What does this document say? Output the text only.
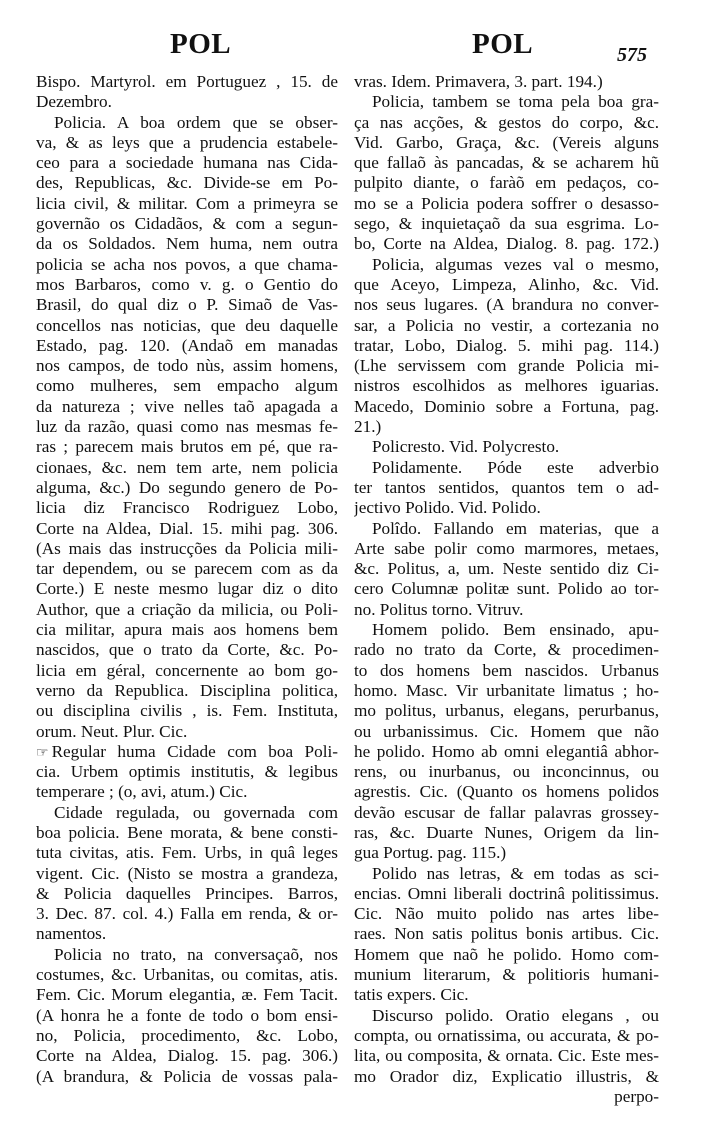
POL	POL	575
Bispo. Martyrol. em Portuguez , 15. de
Dezembro.
Policia. A boa ordem que se obser-
va, & as leys que a prudencia estabele-
ceo para a sociedade humana nas Cida-
des, Republicas, &c. Divide-se em Po-
licia civil, & militar. Com a primeyra se
governão os Cidadãos, & com a segun-
da os Soldados. Nem huma, nem outra
policia se acha nos povos, a que chama-
mos Barbaros, como v. g. o Gentio do
Brasil, do qual diz o P. Simaõ de Vas-
concellos nas noticias, que deu daquelle
Estado, pag. 120. (Andaõ em manadas
nos campos, de todo nùs, assim homens,
como mulheres, sem empacho algum
da natureza ; vive nelles taõ apagada a
luz da razão, quasi como nas mesmas fe-
ras ; parecem mais brutos em pé, que ra-
cionaes, &c. nem tem arte, nem policia
alguma, &c.) Do segundo genero de Po-
licia diz Francisco Rodriguez Lobo,
Corte na Aldea, Dial. 15. mihi pag. 306.
(As mais das instrucções da Policia mili-
tar dependem, ou se parecem com as da
Corte.) E neste mesmo lugar diz o dito
Author, que a criação da milicia, ou Poli-
cia militar, apura mais aos homens bem
nascidos, que o trato da Corte, &c. Po-
licia em géral, concernente ao bom go-
verno da Republica. Disciplina politica,
ou disciplina civilis , is. Fem. Instituta,
orum. Neut. Plur. Cic.
☞ Regular huma Cidade com boa Poli-
cia. Urbem optimis institutis, & legibus
temperare ; (o, avi, atum.) Cic.
Cidade regulada, ou governada com
boa policia. Bene morata, & bene consti-
tuta civitas, atis. Fem. Urbs, in quâ leges
vigent. Cic. (Nisto se mostra a grandeza,
& Policia daquelles Principes. Barros,
3. Dec. 87. col. 4.) Falla em renda, & or-
namentos.
Policia no trato, na conversaçaõ, nos
costumes, &c. Urbanitas, ou comitas, atis.
Fem. Cic. Morum elegantia, æ. Fem Tacit.
(A honra he a fonte de todo o bom ensi-
no, Policia, procedimento, &c. Lobo,
Corte na Aldea, Dialog. 15. pag. 306.)
(A brandura, & Policia de vossas pala-
vras. Idem. Primavera, 3. part. 194.)
Policia, tambem se toma pela boa gra-
ça nas acções, & gestos do corpo, &c.
Vid. Garbo, Graça, &c. (Vereis alguns
que fallaõ às pancadas, & se acharem hũ
pulpito diante, o faràõ em pedaços, co-
mo se a Policia podera soffrer o desasso-
sego, & inquietaçaõ da sua esgrima. Lo-
bo, Corte na Aldea, Dialog. 8. pag. 172.)
Policia, algumas vezes val o mesmo,
que Aceyo, Limpeza, Alinho, &c. Vid.
nos seus lugares. (A brandura no conver-
sar, a Policia no vestir, a cortezania no
tratar, Lobo, Dialog. 5. mihi pag. 114.)
(Lhe servissem com grande Policia mi-
nistros escolhidos as melhores iguarias.
Macedo, Dominio sobre a Fortuna, pag.
21.)
Policresto. Vid. Polycresto.
Polidamente. Póde este adverbio
ter tantos sentidos, quantos tem o ad-
jectivo Polido. Vid. Polido.
Polîdo. Fallando em materias, que a
Arte sabe polir como marmores, metaes,
&c. Politus, a, um. Neste sentido diz Ci-
cero Columnæ politæ sunt. Polido ao tor-
no. Politus torno. Vitruv.
Homem polido. Bem ensinado, apu-
rado no trato da Corte, & procedimen-
to dos homens bem nascidos. Urbanus
homo. Masc. Vir urbanitate limatus ; ho-
mo politus, urbanus, elegans, perurbanus,
ou urbanissimus. Cic. Homem que não
he polido. Homo ab omni elegantiâ abhor-
rens, ou inurbanus, ou inconcinnus, ou
agrestis. Cic. (Quanto os homens polidos
devão escusar de fallar palavras grossey-
ras, &c. Duarte Nunes, Origem da lin-
gua Portug. pag. 115.)
Polido nas letras, & em todas as sci-
encias. Omni liberali doctrinâ politissimus.
Cic. Não muito polido nas artes libe-
raes. Non satis politus bonis artibus. Cic.
Homem que naõ he polido. Homo com-
munium literarum, & politioris humani-
tatis expers. Cic.
Discurso polido. Oratio elegans , ou
compta, ou ornatissima, ou accurata, & po-
lita, ou composita, & ornata. Cic. Este mes-
mo Orador diz, Explicatio illustris, &
perpo-
